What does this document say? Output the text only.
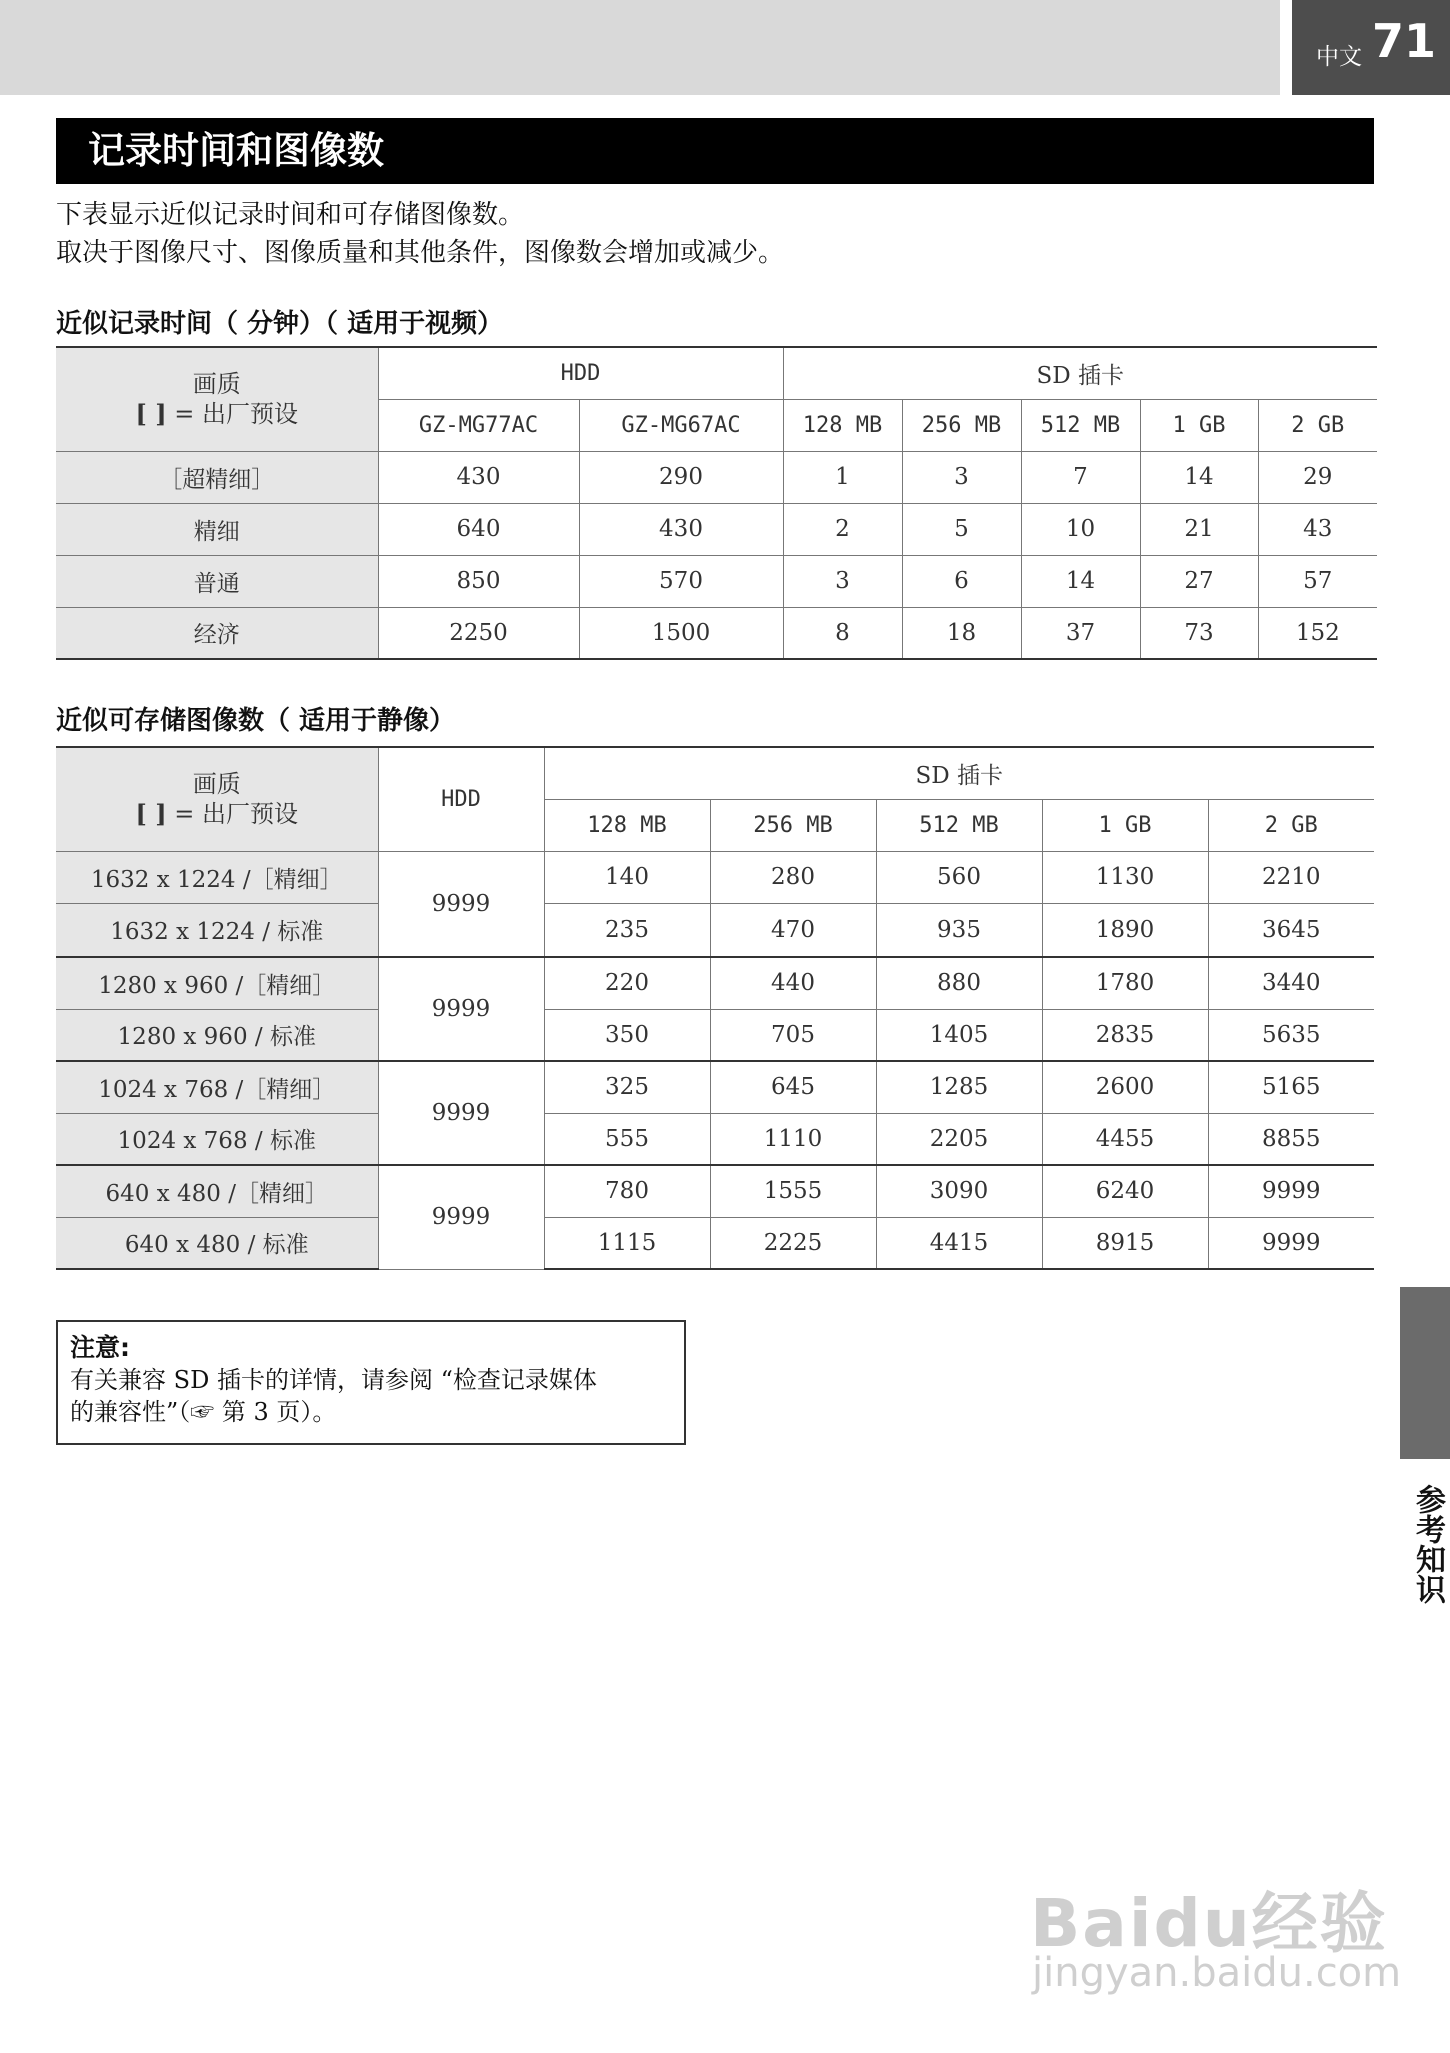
中文 71
记录时间和图像数
下表显示近似记录时间和可存储图像数。
取决于图像尺寸、图像质量和其他条件，图像数会增加或减少。
近似记录时间（ 分钟）（ 适用于视频）
画质
[ ] = 出厂预设	HDD		SD 插卡				
	GZ-MG77AC	GZ-MG67AC	128 MB	256 MB	512 MB	1 GB	2 GB
［超精细］	430	290	1	3	7	14	29
精细	640	430	2	5	10	21	43
普通	850	570	3	6	14	27	57
经济	2250	1500	8	18	37	73	152
近似可存储图像数（ 适用于静像）
画质
[ ] = 出厂预设	HDD	SD 插卡				
		128 MB	256 MB	512 MB	1 GB	2 GB
1632 x 1224 /［精细］	9999	140	280	560	1130	2210
1632 x 1224 / 标准		235	470	935	1890	3645
1280 x 960 /［精细］	9999	220	440	880	1780	3440
1280 x 960 / 标准		350	705	1405	2835	5635
1024 x 768 /［精细］	9999	325	645	1285	2600	5165
1024 x 768 / 标准		555	1110	2205	4455	8855
640 x 480 /［精细］	9999	780	1555	3090	6240	9999
640 x 480 / 标准		1115	2225	4415	8915	9999
注意:
有关兼容 SD 插卡的详情，请参阅 “检查记录媒体
的兼容性”（☞ 第 3 页）。
参考知识
Baidu经验
jingyan.baidu.com
